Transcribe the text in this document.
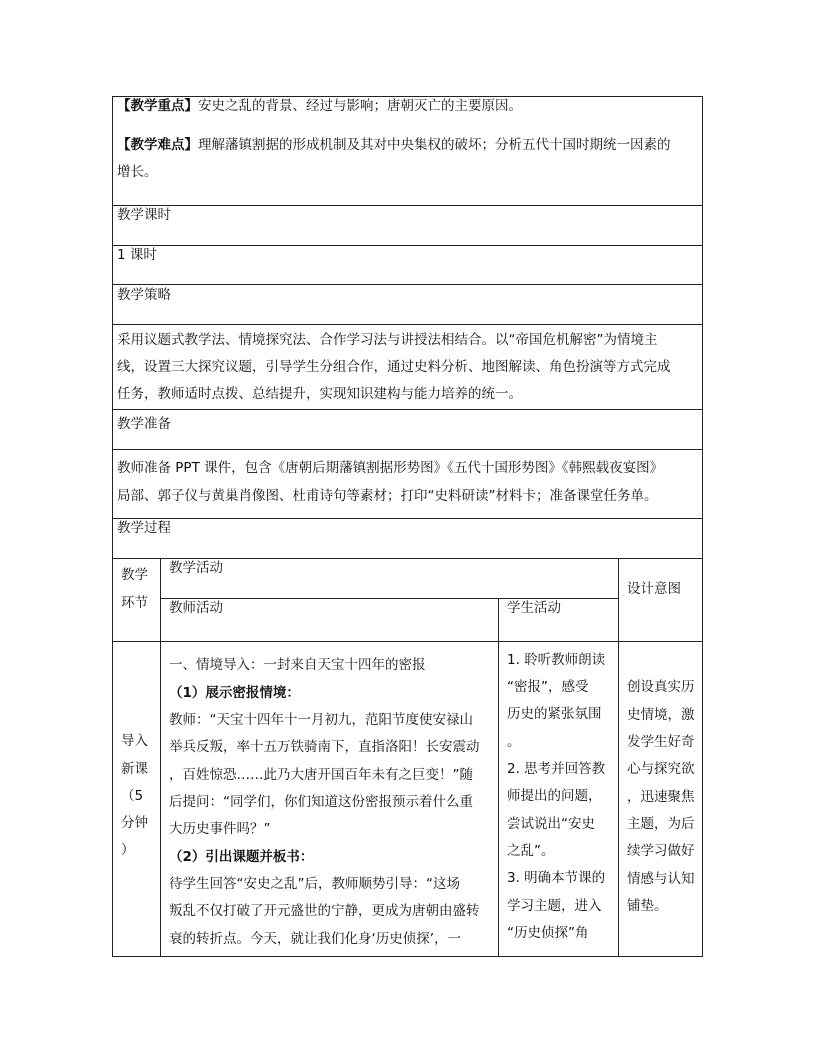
【教学重点】安史之乱的背景、经过与影响；唐朝灭亡的主要原因。
【教学难点】理解藩镇割据的形成机制及其对中央集权的破坏；分析五代十国时期统一因素的
增长。
教学课时
1 课时
教学策略
采用议题式教学法、情境探究法、合作学习法与讲授法相结合。以“帝国危机解密”为情境主
线，设置三大探究议题，引导学生分组合作，通过史料分析、地图解读、角色扮演等方式完成
任务，教师适时点拨、总结提升，实现知识建构与能力培养的统一。
教学准备
教师准备 PPT 课件，包含《唐朝后期藩镇割据形势图》《五代十国形势图》《韩熙载夜宴图》
局部、郭子仪与黄巢肖像图、杜甫诗句等素材；打印“史料研读”材料卡；准备课堂任务单。
教学过程
教学
环节
教学活动
教师活动	学生活动
设计意图
导入
新课
（5
分钟
）
一、情境导入：一封来自天宝十四年的密报
（1）展示密报情境：
教师：“天宝十四年十一月初九，范阳节度使安禄山
举兵反叛，率十五万铁骑南下，直指洛阳！长安震动
，百姓惊恐……此乃大唐开国百年未有之巨变！”随
后提问：“同学们，你们知道这份密报预示着什么重
大历史事件吗？”
（2）引出课题并板书：
待学生回答“安史之乱”后，教师顺势引导：“这场
叛乱不仅打破了开元盛世的宁静，更成为唐朝由盛转
衰的转折点。今天，就让我们化身‘历史侦探’，一
1. 聆听教师朗读
“密报”，感受
历史的紧张氛围
。
2. 思考并回答教
师提出的问题，
尝试说出“安史
之乱”。
3. 明确本节课的
学习主题，进入
“历史侦探”角
创设真实历
史情境，激
发学生好奇
心与探究欲
，迅速聚焦
主题，为后
续学习做好
情感与认知
铺垫。
